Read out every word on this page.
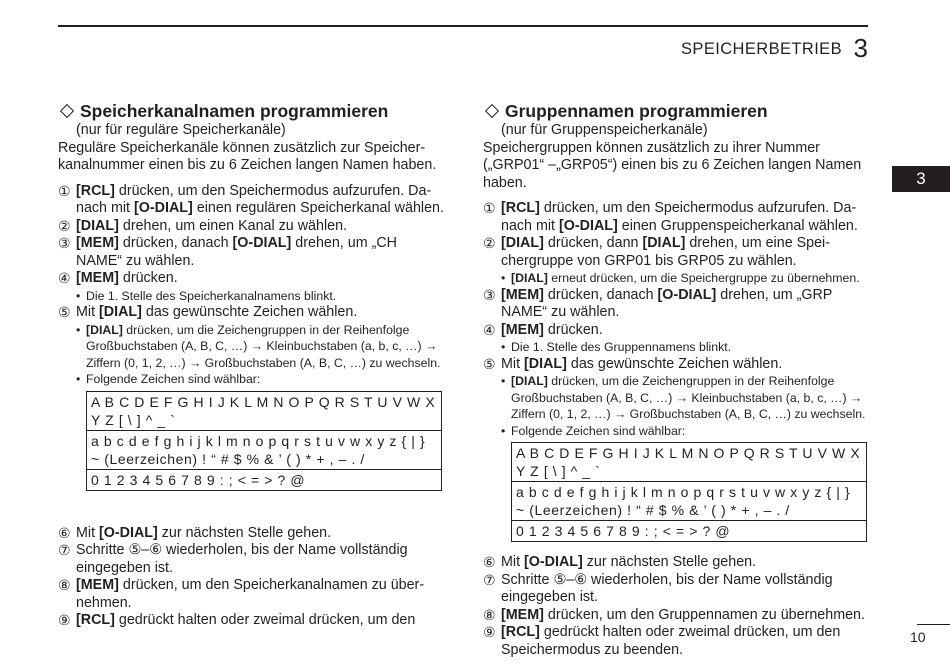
SPEICHERBETRIEB 3
3
10
Speicherkanalnamen programmieren
(nur für reguläre Speicherkanäle)
Reguläre Speicherkanäle können zusätzlich zur Speicherkanalnummer einen bis zu 6 Zeichen langen Namen haben.
① [RCL] drücken, um den Speichermodus aufzurufen. Danach mit [O-DIAL] einen regulären Speicherkanal wählen.
② [DIAL] drehen, um einen Kanal zu wählen.
③ [MEM] drücken, danach [O-DIAL] drehen, um „CH NAME“ zu wählen.
④ [MEM] drücken.
• Die 1. Stelle des Speicherkanalnamens blinkt.
⑤ Mit [DIAL] das gewünschte Zeichen wählen.
• [DIAL] drücken, um die Zeichengruppen in der Reihenfolge Großbuchstaben (A, B, C, …) → Kleinbuchstaben (a, b, c, …) → Ziffern (0, 1, 2, …) → Großbuchstaben (A, B, C, …) zu wechseln.
• Folgende Zeichen sind wählbar:
A B C D E F G H I J K L M N O P Q R S T U V W X Y Z [ \ ] ^ _ `
a b c d e f g h i j k l m n o p q r s t u v w x y z { | } ~ (Leerzeichen) ! “ # $ % & ’ ( ) * + , – . /
0 1 2 3 4 5 6 7 8 9 : ; < = > ? @
⑥ Mit [O-DIAL] zur nächsten Stelle gehen.
⑦ Schritte ⑤–⑥ wiederholen, bis der Name vollständig eingegeben ist.
⑧ [MEM] drücken, um den Speicherkanalnamen zu übernehmen.
⑨ [RCL] gedrückt halten oder zweimal drücken, um den
Gruppennamen programmieren
(nur für Gruppenspeicherkanäle)
Speichergruppen können zusätzlich zu ihrer Nummer („GRP01“ –„GRP05“) einen bis zu 6 Zeichen langen Namen haben.
① [RCL] drücken, um den Speichermodus aufzurufen. Danach mit [O-DIAL] einen Gruppenspeicherkanal wählen.
② [DIAL] drücken, dann [DIAL] drehen, um eine Speichergruppe von GRP01 bis GRP05 zu wählen.
• [DIAL] erneut drücken, um die Speichergruppe zu übernehmen.
③ [MEM] drücken, danach [O-DIAL] drehen, um „GRP NAME“ zu wählen.
④ [MEM] drücken.
• Die 1. Stelle des Gruppennamens blinkt.
⑤ Mit [DIAL] das gewünschte Zeichen wählen.
• [DIAL] drücken, um die Zeichengruppen in der Reihenfolge Großbuchstaben (A, B, C, …) → Kleinbuchstaben (a, b, c, …) → Ziffern (0, 1, 2, …) → Großbuchstaben (A, B, C, …) zu wechseln.
• Folgende Zeichen sind wählbar:
A B C D E F G H I J K L M N O P Q R S T U V W X Y Z [ \ ] ^ _ `
a b c d e f g h i j k l m n o p q r s t u v w x y z { | } ~ (Leerzeichen) ! “ # $ % & ’ ( ) * + , – . /
0 1 2 3 4 5 6 7 8 9 : ; < = > ? @
⑥ Mit [O-DIAL] zur nächsten Stelle gehen.
⑦ Schritte ⑤–⑥ wiederholen, bis der Name vollständig eingegeben ist.
⑧ [MEM] drücken, um den Gruppennamen zu übernehmen.
⑨ [RCL] gedrückt halten oder zweimal drücken, um den Speichermodus zu beenden.
